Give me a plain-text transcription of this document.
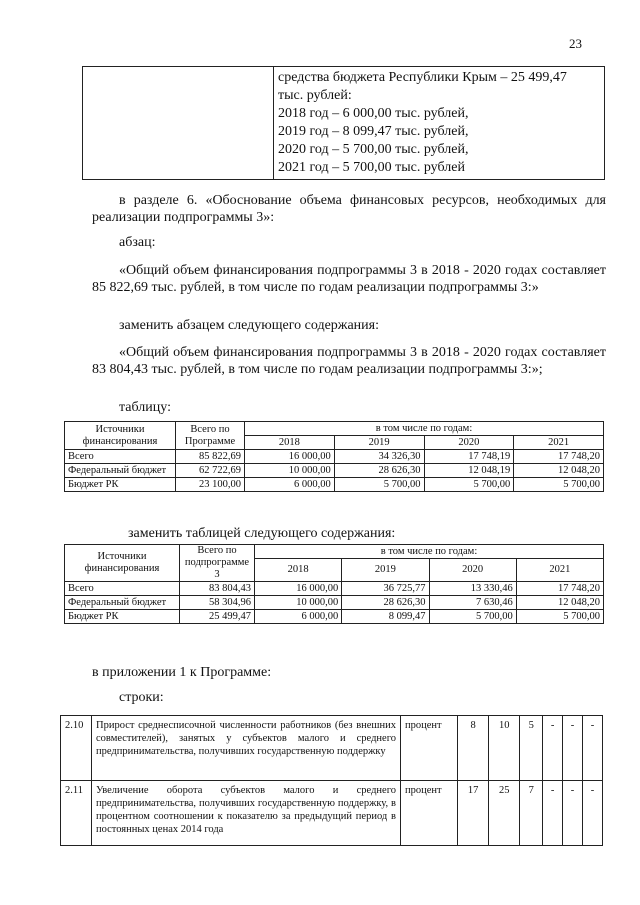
23

средства бюджета Республики Крым – 25 499,47
тыс. рублей:
2018 год – 6 000,00 тыс. рублей,
2019 год – 8 099,47 тыс. рублей,
2020 год – 5 700,00 тыс. рублей,
2021 год – 5 700,00 тыс. рублей
в разделе 6. «Обоснование объема финансовых ресурсов, необходимых для реализации подпрограммы 3»:
абзац:
«Общий объем финансирования подпрограммы 3 в 2018 - 2020 годах составляет 85 822,69 тыс. рублей, в том числе по годам реализации подпрограммы 3:»
заменить абзацем следующего содержания:
«Общий объем финансирования подпрограммы 3 в 2018 - 2020 годах составляет 83 804,43 тыс. рублей, в том числе по годам реализации подпрограммы 3:»;
таблицу:
Источники финансирования	Всего по Программе	в том числе по годам:			
		2018	2019	2020	2021
Всего	85 822,69	16 000,00	34 326,30	17 748,19	17 748,20
Федеральный бюджет	62 722,69	10 000,00	28 626,30	12 048,19	12 048,20
Бюджет РК	23 100,00	6 000,00	5 700,00	5 700,00	5 700,00
заменить таблицей следующего содержания:
Источники финансирования	Всего по подпрограмме 3	в том числе по годам:			
		2018	2019	2020	2021
Всего	83 804,43	16 000,00	36 725,77	13 330,46	17 748,20
Федеральный бюджет	58 304,96	10 000,00	28 626,30	7 630,46	12 048,20
Бюджет РК	25 499,47	6 000,00	8 099,47	5 700,00	5 700,00
в приложении 1 к Программе:
строки:
2.10	Прирост среднесписочной численности работников (без внешних совместителей), занятых у субъектов малого и среднего предпринимательства, получивших государственную поддержку	процент	8	10	5	-	-	-
2.11	Увеличение оборота субъектов малого и среднего предпринимательства, получивших государственную поддержку, в процентном соотношении к показателю за предыдущий период в постоянных ценах 2014 года	процент	17	25	7	-	-	-
